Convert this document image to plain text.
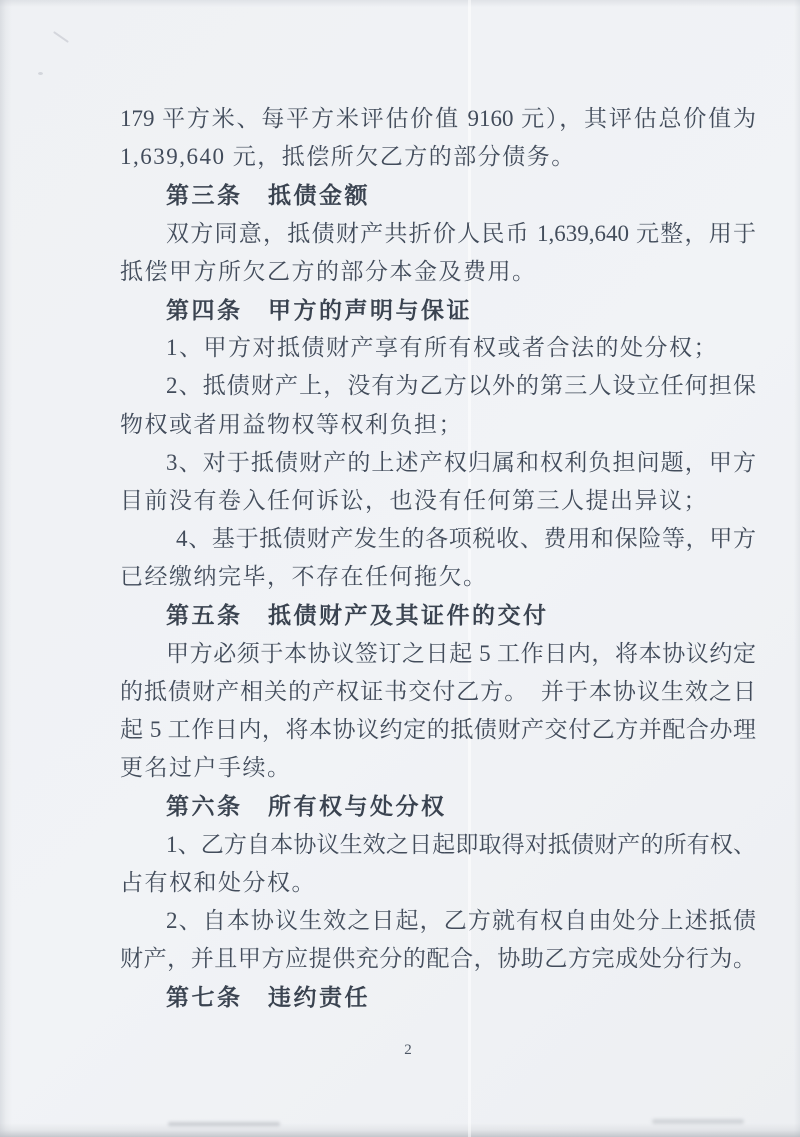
179 平方米、每平方米评估价值 9160 元），其评估总价值为
1,639,640 元，抵偿所欠乙方的部分债务。
第三条　抵债金额
双方同意，抵债财产共折价人民币 1,639,640 元整，用于
抵偿甲方所欠乙方的部分本金及费用。
第四条　甲方的声明与保证
1、甲方对抵债财产享有所有权或者合法的处分权；
2、抵债财产上，没有为乙方以外的第三人设立任何担保
物权或者用益物权等权利负担；
3、对于抵债财产的上述产权归属和权利负担问题，甲方
目前没有卷入任何诉讼，也没有任何第三人提出异议；
4、基于抵债财产发生的各项税收、费用和保险等，甲方
已经缴纳完毕，不存在任何拖欠。
第五条　抵债财产及其证件的交付
甲方必须于本协议签订之日起 5 工作日内，将本协议约定
的抵债财产相关的产权证书交付乙方。　并于本协议生效之日
起 5 工作日内，将本协议约定的抵债财产交付乙方并配合办理
更名过户手续。
第六条　所有权与处分权
1、乙方自本协议生效之日起即取得对抵债财产的所有权、
占有权和处分权。
2、自本协议生效之日起，乙方就有权自由处分上述抵债
财产，并且甲方应提供充分的配合，协助乙方完成处分行为。
第七条　违约责任
2
